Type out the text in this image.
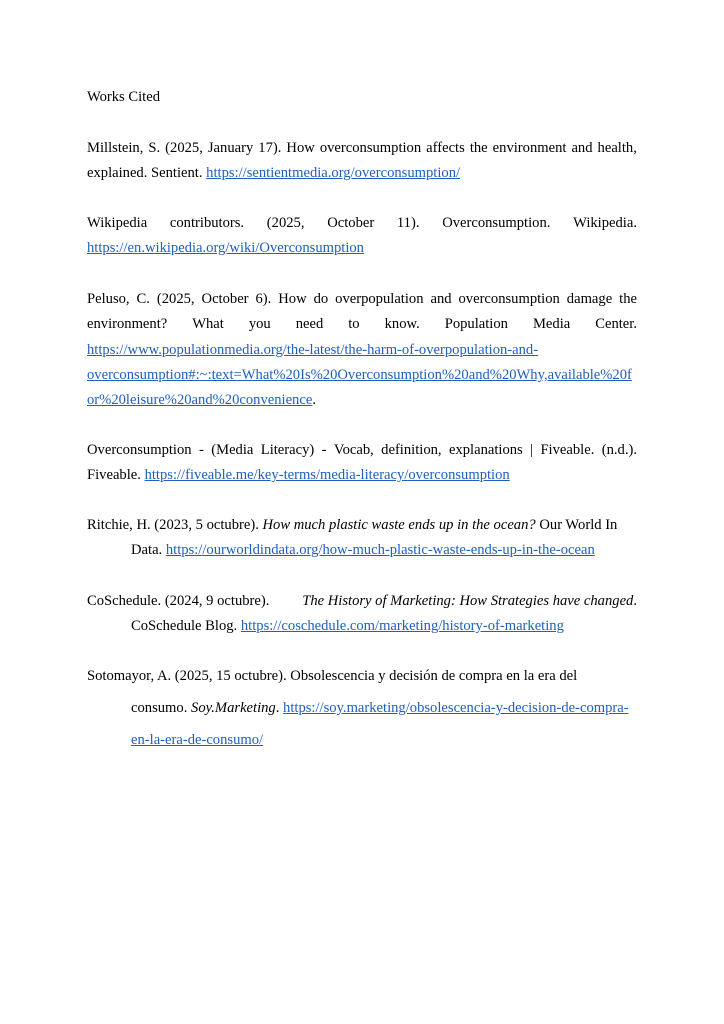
Works Cited
Millstein, S. (2025, January 17). How overconsumption affects the environment and health,
explained. Sentient. https://sentientmedia.org/overconsumption/
Wikipedia contributors. (2025, October 11). Overconsumption. Wikipedia.
https://en.wikipedia.org/wiki/Overconsumption
Peluso, C. (2025, October 6). How do overpopulation and overconsumption damage the
environment? What you need to know. Population Media Center.
https://www.populationmedia.org/the-latest/the-harm-of-overpopulation-and-
overconsumption#:~:text=What%20Is%20Overconsumption%20and%20Why,available%20f
or%20leisure%20and%20convenience.
Overconsumption - (Media Literacy) - Vocab, definition, explanations | Fiveable. (n.d.).
Fiveable. https://fiveable.me/key-terms/media-literacy/overconsumption
Ritchie, H. (2023, 5 octubre). How much plastic waste ends up in the ocean? Our World In
Data. https://ourworldindata.org/how-much-plastic-waste-ends-up-in-the-ocean
CoSchedule. (2024, 9 octubre). The History of Marketing: How Strategies have changed.
CoSchedule Blog. https://coschedule.com/marketing/history-of-marketing
Sotomayor, A. (2025, 15 octubre). Obsolescencia y decisión de compra en la era del
consumo. Soy.Marketing. https://soy.marketing/obsolescencia-y-decision-de-compra-
en-la-era-de-consumo/
